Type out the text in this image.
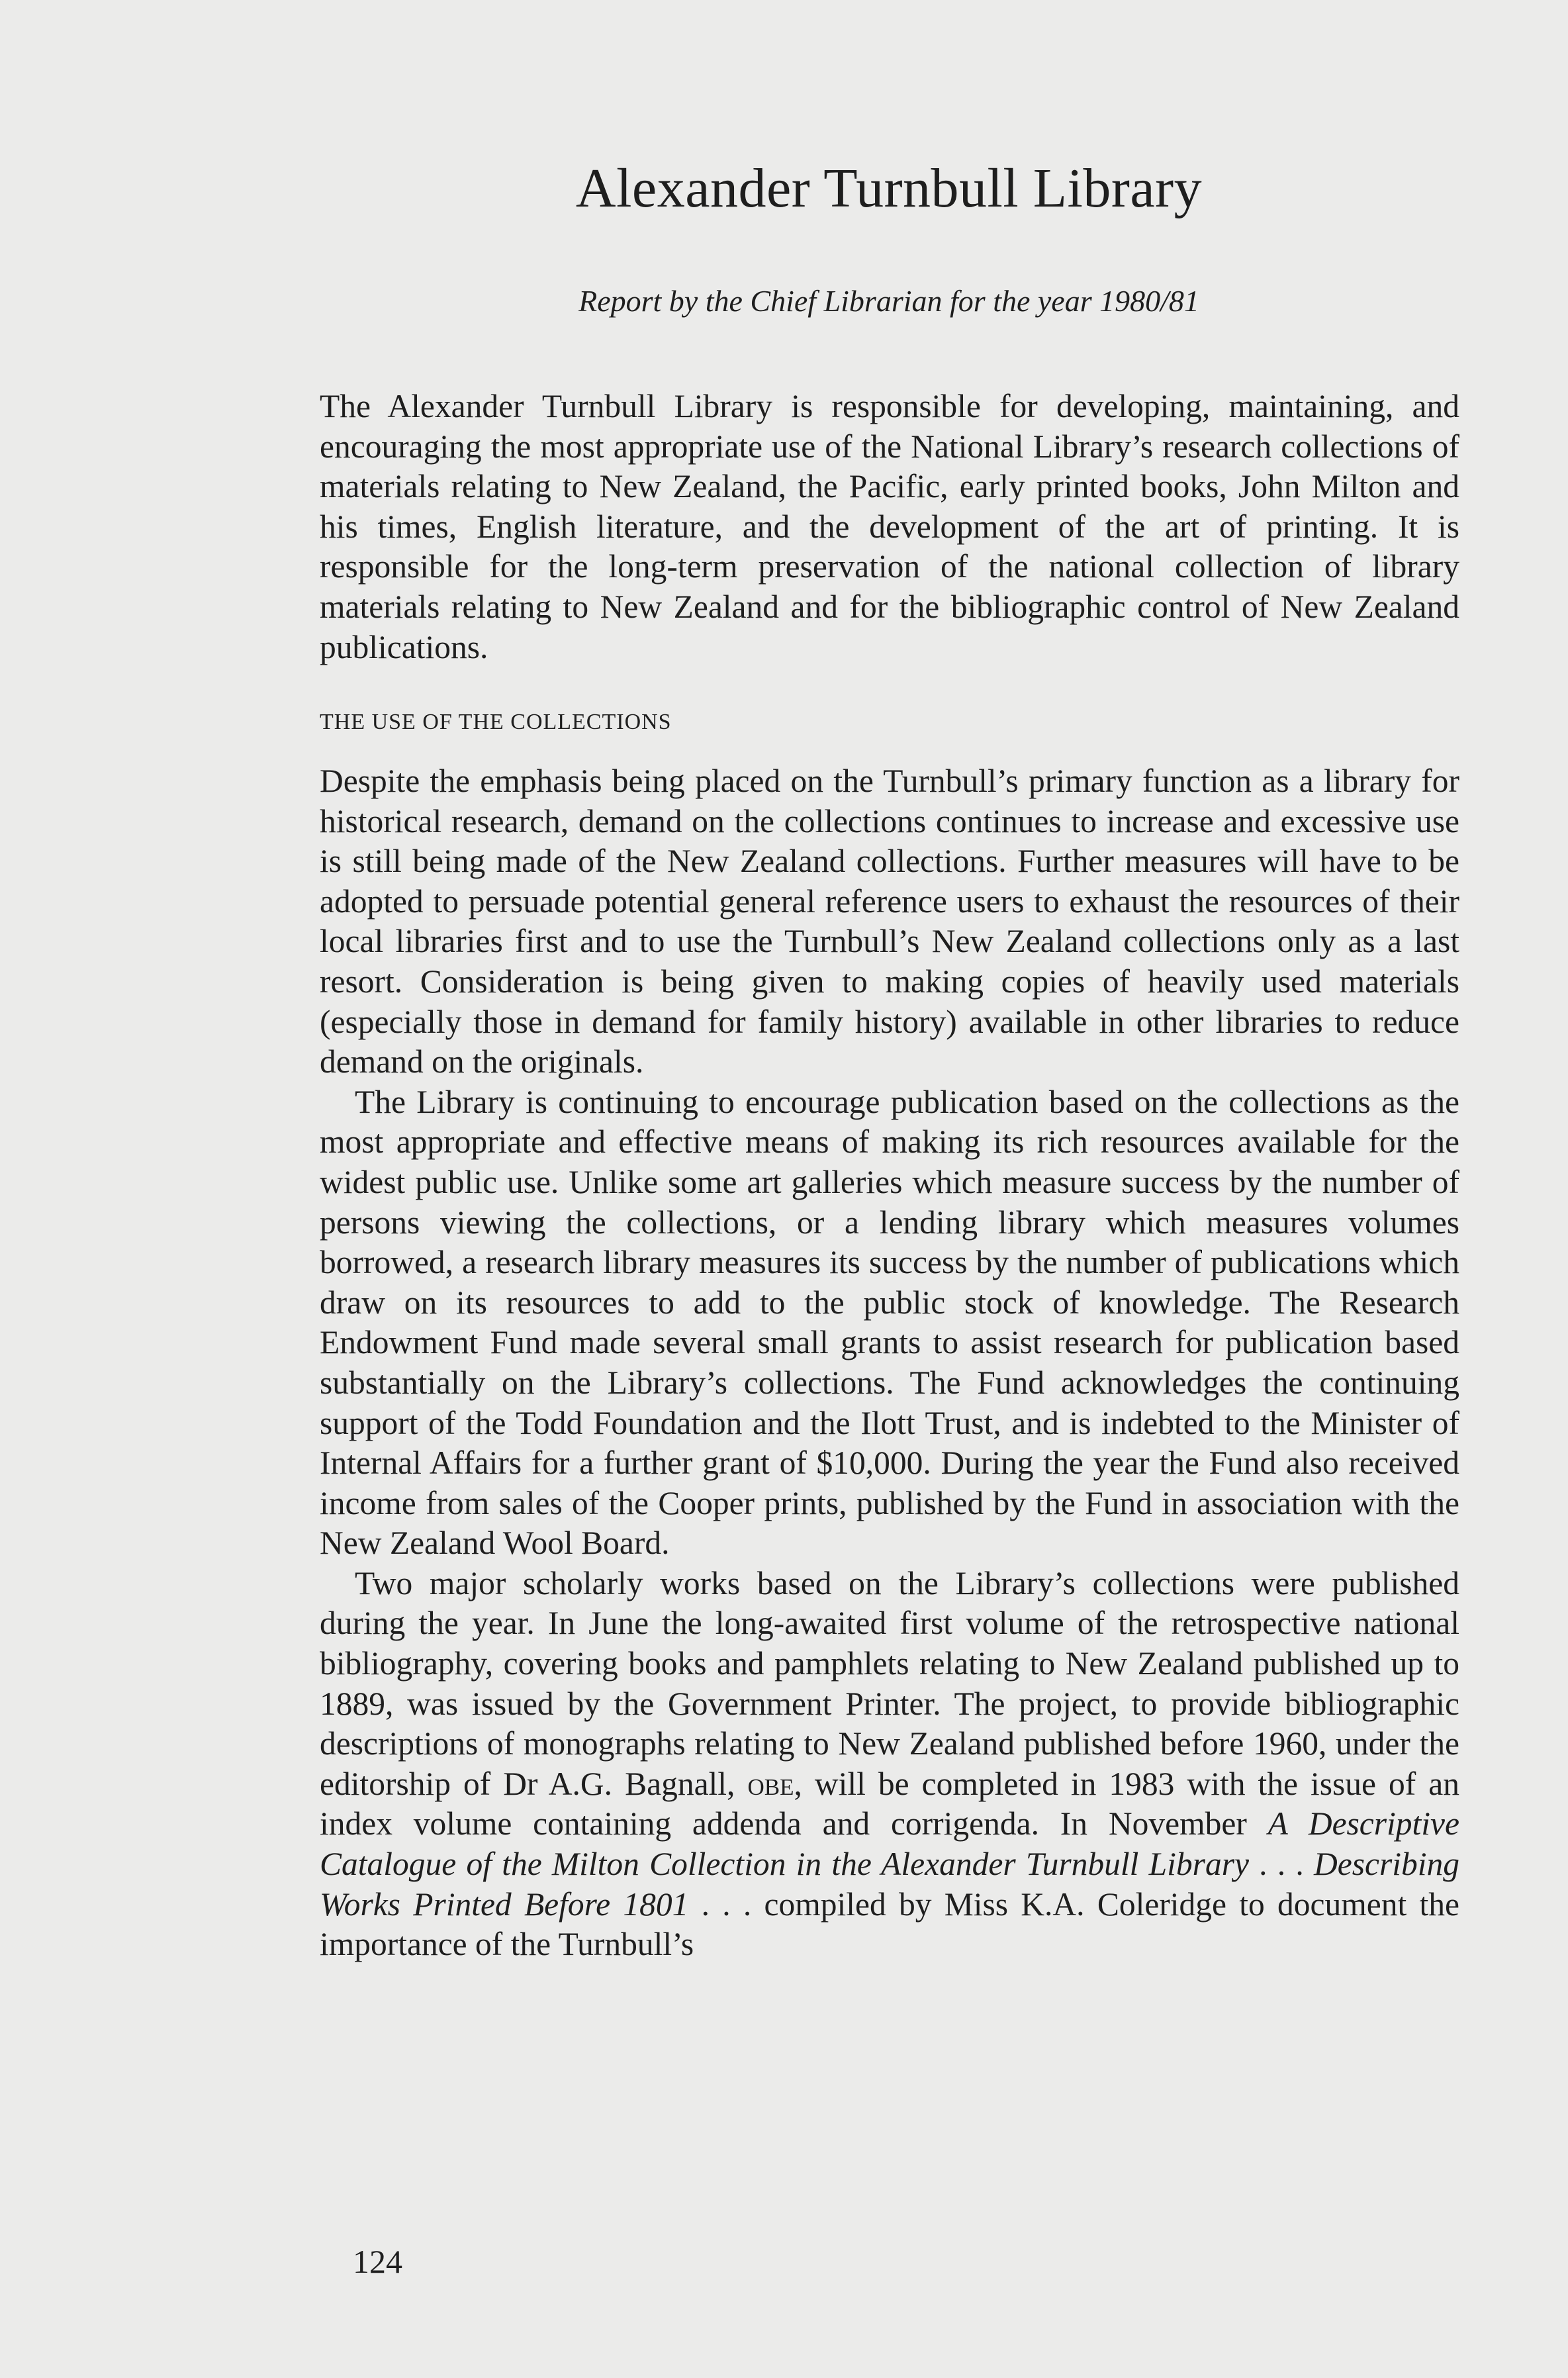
Alexander Turnbull Library

Report by the Chief Librarian for the year 1980/81

The Alexander Turnbull Library is responsible for developing, maintaining, and encouraging the most appropriate use of the National Library’s research collections of materials relating to New Zealand, the Pacific, early printed books, John Milton and his times, English literature, and the development of the art of printing. It is responsible for the long-term preservation of the national collection of library materials relating to New Zealand and for the bibliographic control of New Zealand publications.

THE USE OF THE COLLECTIONS

Despite the emphasis being placed on the Turnbull’s primary function as a library for historical research, demand on the collections continues to increase and excessive use is still being made of the New Zealand collections. Further measures will have to be adopted to persuade potential general reference users to exhaust the resources of their local libraries first and to use the Turnbull’s New Zealand collections only as a last resort. Consideration is being given to making copies of heavily used materials (especially those in demand for family history) available in other libraries to reduce demand on the originals.

The Library is continuing to encourage publication based on the collections as the most appropriate and effective means of making its rich resources available for the widest public use. Unlike some art galleries which measure success by the number of persons viewing the collections, or a lending library which measures volumes borrowed, a research library measures its success by the number of publications which draw on its resources to add to the public stock of knowledge. The Research Endowment Fund made several small grants to assist research for publication based substantially on the Library’s collections. The Fund acknowledges the continuing support of the Todd Foundation and the Ilott Trust, and is indebted to the Minister of Internal Affairs for a further grant of $10,000. During the year the Fund also received income from sales of the Cooper prints, published by the Fund in association with the New Zealand Wool Board.

Two major scholarly works based on the Library’s collections were published during the year. In June the long-awaited first volume of the retrospective national bibliography, covering books and pamphlets relating to New Zealand published up to 1889, was issued by the Government Printer. The project, to provide bibliographic descriptions of monographs relating to New Zealand published before 1960, under the editorship of Dr A.G. Bagnall, obe, will be completed in 1983 with the issue of an index volume containing addenda and corrigenda. In November A Descriptive Catalogue of the Milton Collection in the Alexander Turnbull Library . . . Describing Works Printed Before 1801 . . . compiled by Miss K.A. Coleridge to document the importance of the Turnbull’s

124
